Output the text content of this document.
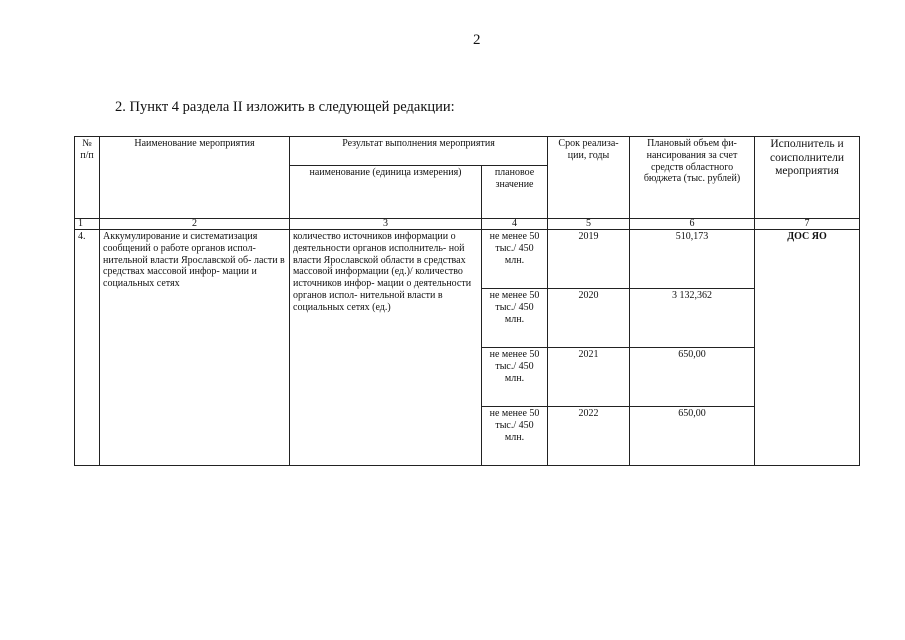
2
2. Пункт 4 раздела II изложить в следующей редакции:
№ п/п	Наименование мероприятия	Результат выполнения мероприятия		Срок реализа- ции, годы	Плановый объем фи- нансирования за счет средств областного бюджета (тыс. рублей)	Исполнитель и соисполнители мероприятия
		наименование (единица измерения)	плановое значение			
1	2	3	4	5	6	7
4.	Аккумулирование и систематизация сообщений о работе органов испол- нительной власти Ярославской об- ласти в средствах массовой инфор- мации и социальных сетях	количество источников информации о деятельности органов исполнитель- ной власти Ярославской области в средствах массовой информации (ед.)/ количество источников инфор- мации о деятельности органов испол- нительной власти в социальных сетях (ед.)	не менее 50 тыс./ 450 млн.	2019	510,173	ДОС ЯО
			не менее 50 тыс./ 450 млн.	2020	3 132,362	
			не менее 50 тыс./ 450 млн.	2021	650,00	
			не менее 50 тыс./ 450 млн.	2022	650,00	
